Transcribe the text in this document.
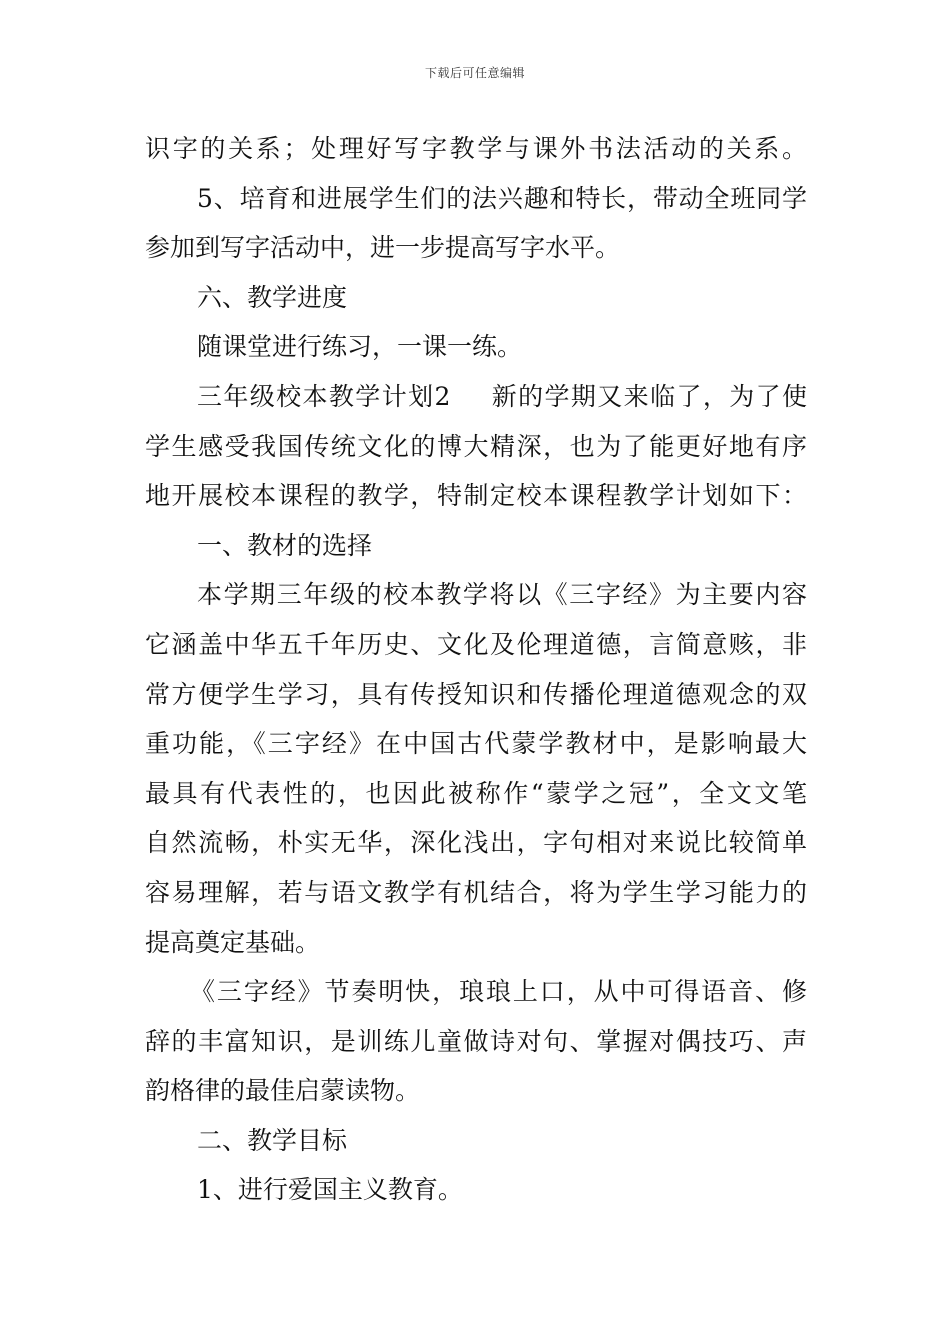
下载后可任意编辑
识字的关系；处理好写字教学与课外书法活动的关系。
5、培育和进展学生们的法兴趣和特长，带动全班同学
参加到写字活动中，进一步提高写字水平。
六、教学进度
随课堂进行练习，一课一练。
三年级校本教学计划2 新的学期又来临了，为了使
学生感受我国传统文化的博大精深，也为了能更好地有序
地开展校本课程的教学，特制定校本课程教学计划如下：
一、教材的选择
本学期三年级的校本教学将以《三字经》为主要内容
它涵盖中华五千年历史、文化及伦理道德，言简意赅，非
常方便学生学习，具有传授知识和传播伦理道德观念的双
重功能，《三字经》在中国古代蒙学教材中，是影响最大
最具有代表性的，也因此被称作“蒙学之冠”，全文文笔
自然流畅，朴实无华，深化浅出，字句相对来说比较简单
容易理解，若与语文教学有机结合，将为学生学习能力的
提高奠定基础。
《三字经》节奏明快，琅琅上口，从中可得语音、修
辞的丰富知识，是训练儿童做诗对句、掌握对偶技巧、声
韵格律的最佳启蒙读物。
二、教学目标
1、进行爱国主义教育。
